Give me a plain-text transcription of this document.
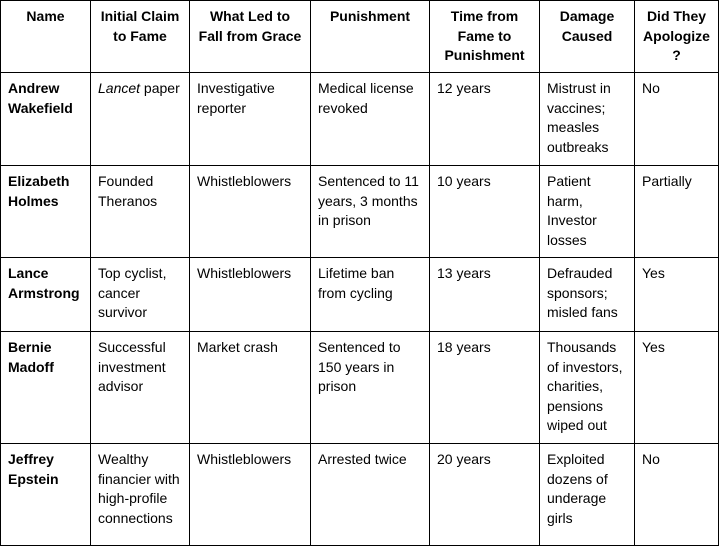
Name	Initial Claim to Fame	What Led to Fall from Grace	Punishment	Time from Fame to Punishment	Damage Caused	Did They Apologize ?
Andrew Wakefield	Lancet paper	Investigative reporter	Medical license revoked	12 years	Mistrust in vaccines; measles outbreaks	No
Elizabeth Holmes	Founded Theranos	Whistleblowers	Sentenced to 11 years, 3 months in prison	10 years	Patient harm, Investor losses	Partially
Lance Armstrong	Top cyclist, cancer survivor	Whistleblowers	Lifetime ban from cycling	13 years	Defrauded sponsors; misled fans	Yes
Bernie Madoff	Successful investment advisor	Market crash	Sentenced to 150 years in prison	18 years	Thousands of investors, charities, pensions wiped out	Yes
Jeffrey Epstein	Wealthy financier with high-profile connections	Whistleblowers	Arrested twice	20 years	Exploited dozens of underage girls	No
